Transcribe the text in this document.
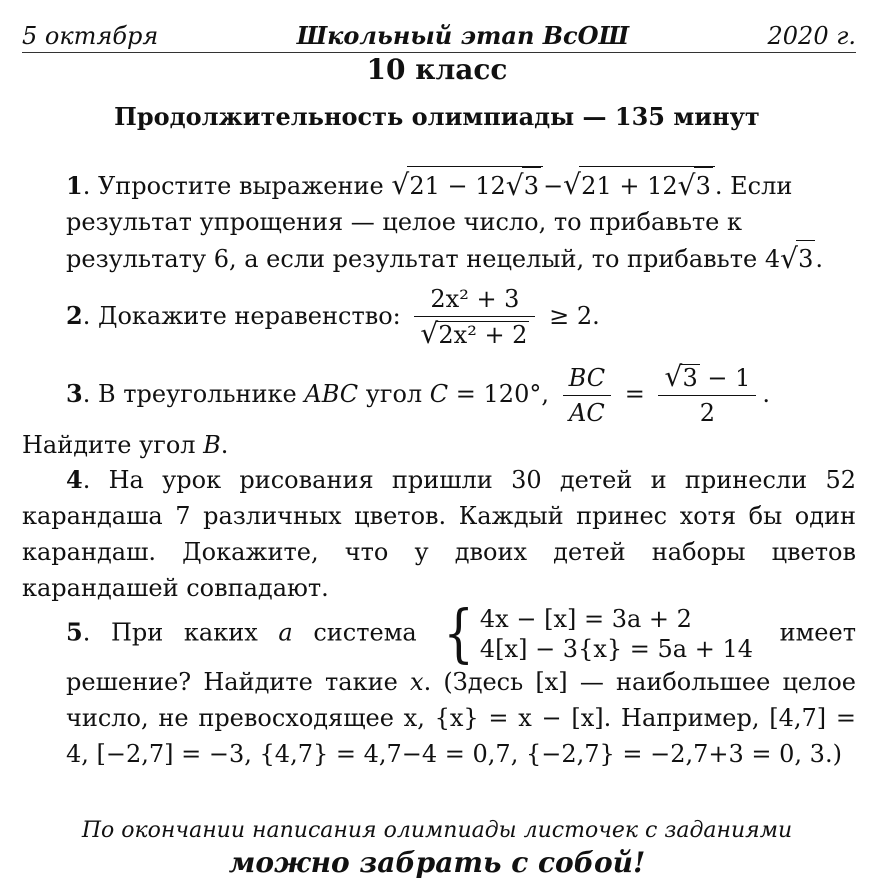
5 октября	Школьный этап ВсОШ	2020 г.
10 класс
Продолжительность олимпиады — 135 минут
1. Упростите выражение √ 21 − 12 √ 3 − √ 21 + 12 √ 3 . Если результат упрощения — целое число, то прибавьте к результату 6, а если результат нецелый, то прибавьте 4 √ 3.
2. Докажите неравенство: 2x² + 3
√ 2x² + 2 ≥ 2.
3. В треугольнике ABC угол C = 120°, $\frac{BC}{AC}$ = √ $\frac{3 - 1}{2}$ .
Найдите угол B.
4. На урок рисования пришли 30 детей и принесли 52 карандаша 7 различных цветов. Каждый принес хотя бы один карандаш. Докажите, что у двоих детей наборы цветов карандашей совпадают.
5. При каких a система { 4x − [x] = 3a + 2
4[x] − 3{x} = 5a + 14
имеет решение? Найдите такие x. (Здесь [x] — наибольшее целое число, не превосходящее x, {x} = x − [x]. Например, [4,7] = 4, [−2,7] = −3, {4,7} = 4,7−4 = 0,7, {−2,7} = −2,7+3 = 0, 3.)
По окончании написания олимпиады листочек с заданиями
можно забрать с собой!
